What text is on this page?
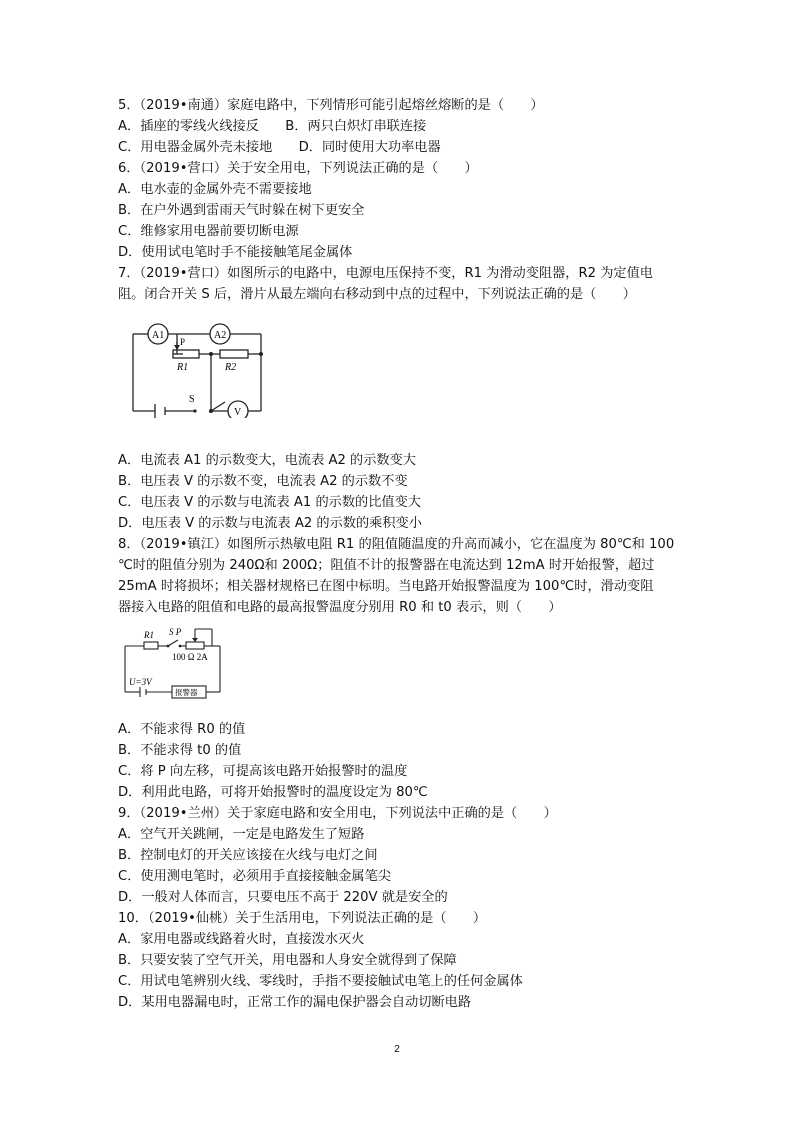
5．（2019•南通）家庭电路中，下列情形可能引起熔丝熔断的是（　　）
A．插座的零线火线接反　　B．两只白炽灯串联连接
C．用电器金属外壳未接地　　D．同时使用大功率电器
6．（2019•营口）关于安全用电，下列说法正确的是（　　）
A．电水壶的金属外壳不需要接地
B．在户外遇到雷雨天气时躲在树下更安全
C．维修家用电器前要切断电源
D．使用试电笔时手不能接触笔尾金属体
7．（2019•营口）如图所示的电路中，电源电压保持不变，R1 为滑动变阻器，R2 为定值电
阻。闭合开关 S 后，滑片从最左端向右移动到中点的过程中，下列说法正确的是（　　）
A1	A2
V
P
R1	R2
S
A．电流表 A1 的示数变大，电流表 A2 的示数变大
B．电压表 V 的示数不变，电流表 A2 的示数不变
C．电压表 V 的示数与电流表 A1 的示数的比值变大
D．电压表 V 的示数与电流表 A2 的示数的乘积变小
8．（2019•镇江）如图所示热敏电阻 R1 的阻值随温度的升高而减小，它在温度为 80℃和 100
℃时的阻值分别为 240Ω和 200Ω；阻值不计的报警器在电流达到 12mA 时开始报警，超过
25mA 时将损坏；相关器材规格已在图中标明。当电路开始报警温度为 100℃时，滑动变阻
器接入电路的阻值和电路的最高报警温度分别用 R0 和 t0 表示，则（　　）
R1 S P
100 Ω 2A
U=3V
报警器
A．不能求得 R0 的值
B．不能求得 t0 的值
C．将 P 向左移，可提高该电路开始报警时的温度
D．利用此电路，可将开始报警时的温度设定为 80℃
9．（2019•兰州）关于家庭电路和安全用电，下列说法中正确的是（　　）
A．空气开关跳闸，一定是电路发生了短路
B．控制电灯的开关应该接在火线与电灯之间
C．使用测电笔时，必须用手直接接触金属笔尖
D．一般对人体而言，只要电压不高于 220V 就是安全的
10．（2019•仙桃）关于生活用电，下列说法正确的是（　　）
A．家用电器或线路着火时，直接泼水灭火
B．只要安装了空气开关，用电器和人身安全就得到了保障
C．用试电笔辨别火线、零线时，手指不要接触试电笔上的任何金属体
D．某用电器漏电时，正常工作的漏电保护器会自动切断电路
2
